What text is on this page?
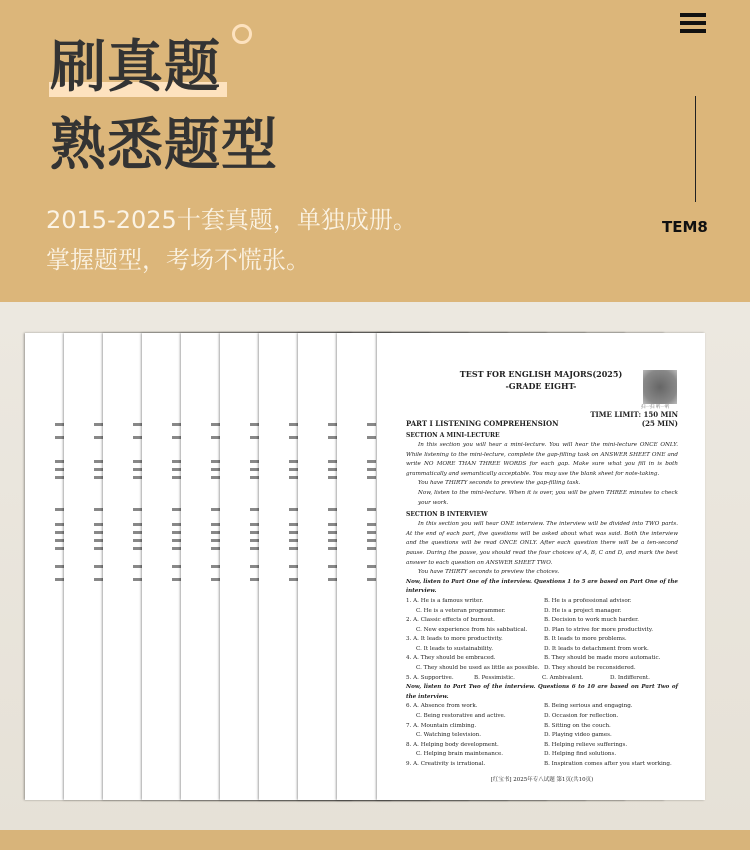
刷真题
熟悉题型
2015-2025十套真题，单独成册。
掌握题型，考场不慌张。
TEM8
TEST FOR ENGLISH MAJORS(2025)
-GRADE EIGHT-
扫一扫 听一听
TIME LIMIT: 150 MIN
PART I LISTENING COMPREHENSION	(25 MIN)
SECTION A MINI-LECTURE
In this section you will hear a mini-lecture. You will hear the mini-lecture ONCE ONLY. While listening to the mini-lecture, complete the gap-filling task on ANSWER SHEET ONE and write NO MORE THAN THREE WORDS for each gap. Make sure what you fill in is both grammatically and semantically acceptable. You may use the blank sheet for note-taking.
You have THIRTY seconds to preview the gap-filling task.
Now, listen to the mini-lecture. When it is over, you will be given THREE minutes to check your work.
SECTION B INTERVIEW
In this section you will hear ONE interview. The interview will be divided into TWO parts. At the end of each part, five questions will be asked about what was said. Both the interview and the questions will be read ONCE ONLY. After each question there will be a ten-second pause. During the pause, you should read the four choices of A, B, C and D, and mark the best answer to each question on ANSWER SHEET TWO.
You have THIRTY seconds to preview the choices.
Now, listen to Part One of the interview. Questions 1 to 5 are based on Part One of the interview.
1. A. He is a famous writer.	B. He is a professional advisor.
C. He is a veteran programmer.	D. He is a project manager.
2. A. Classic effects of burnout.	B. Decision to work much harder.
C. New experience from his sabbatical.	D. Plan to strive for more productivity.
3. A. It leads to more productivity.	B. It leads to more problems.
C. It leads to sustainability.	D. It leads to detachment from work.
4. A. They should be embraced.	B. They should be made more automatic.
C. They should be used as little as possible. D. They should be reconsidered.
5. A. Supportive.	B. Pessimistic.	C. Ambivalent.	D. Indifferent.
Now, listen to Part Two of the interview. Questions 6 to 10 are based on Part Two of the interview.
6. A. Absence from work.	B. Being serious and engaging.
C. Being restorative and active.	D. Occasion for reflection.
7. A. Mountain climbing.	B. Sitting on the couch.
C. Watching television.	D. Playing video games.
8. A. Helping body development.	B. Helping relieve sufferings.
C. Helping brain maintenance.	D. Helping find solutions.
9. A. Creativity is irrational.	B. Inspiration comes after you start working.
[红宝书] 2025年专八试题 第1页(共10页)
